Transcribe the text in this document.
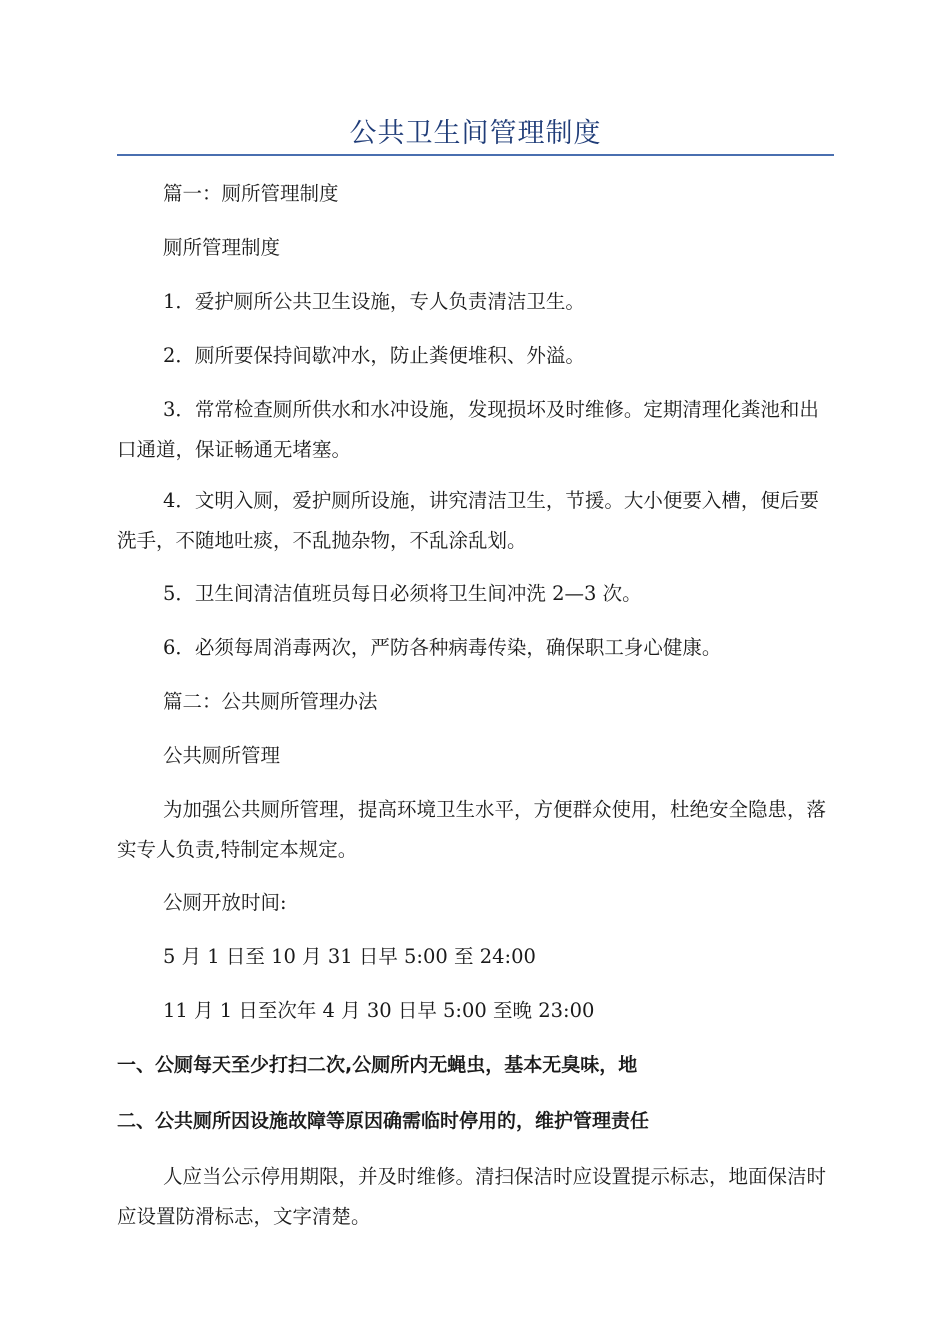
公共卫生间管理制度

篇一：厕所管理制度

厕所管理制度

1．爱护厕所公共卫生设施，专人负责清洁卫生。

2．厕所要保持间歇冲水，防止粪便堆积、外溢。

3．常常检查厕所供水和水冲设施，发现损坏及时维修。定期清理化粪池和出口通道，保证畅通无堵塞。

4．文明入厕，爱护厕所设施，讲究清洁卫生，节援。大小便要入槽，便后要洗手，不随地吐痰，不乱抛杂物，不乱涂乱划。

5．卫生间清洁值班员每日必须将卫生间冲洗 2—3 次。

6．必须每周消毒两次，严防各种病毒传染，确保职工身心健康。

篇二：公共厕所管理办法

公共厕所管理

为加强公共厕所管理，提高环境卫生水平，方便群众使用，杜绝安全隐患，落实专人负责,特制定本规定。

公厕开放时间:

5 月 1 日至 10 月 31 日早 5:00 至 24:00

11 月 1 日至次年 4 月 30 日早 5:00 至晚 23:00

一、公厕每天至少打扫二次,公厕所内无蝇虫，基本无臭味，地

二、公共厕所因设施故障等原因确需临时停用的，维护管理责任

人应当公示停用期限，并及时维修。清扫保洁时应设置提示标志，地面保洁时应设置防滑标志，文字清楚。
